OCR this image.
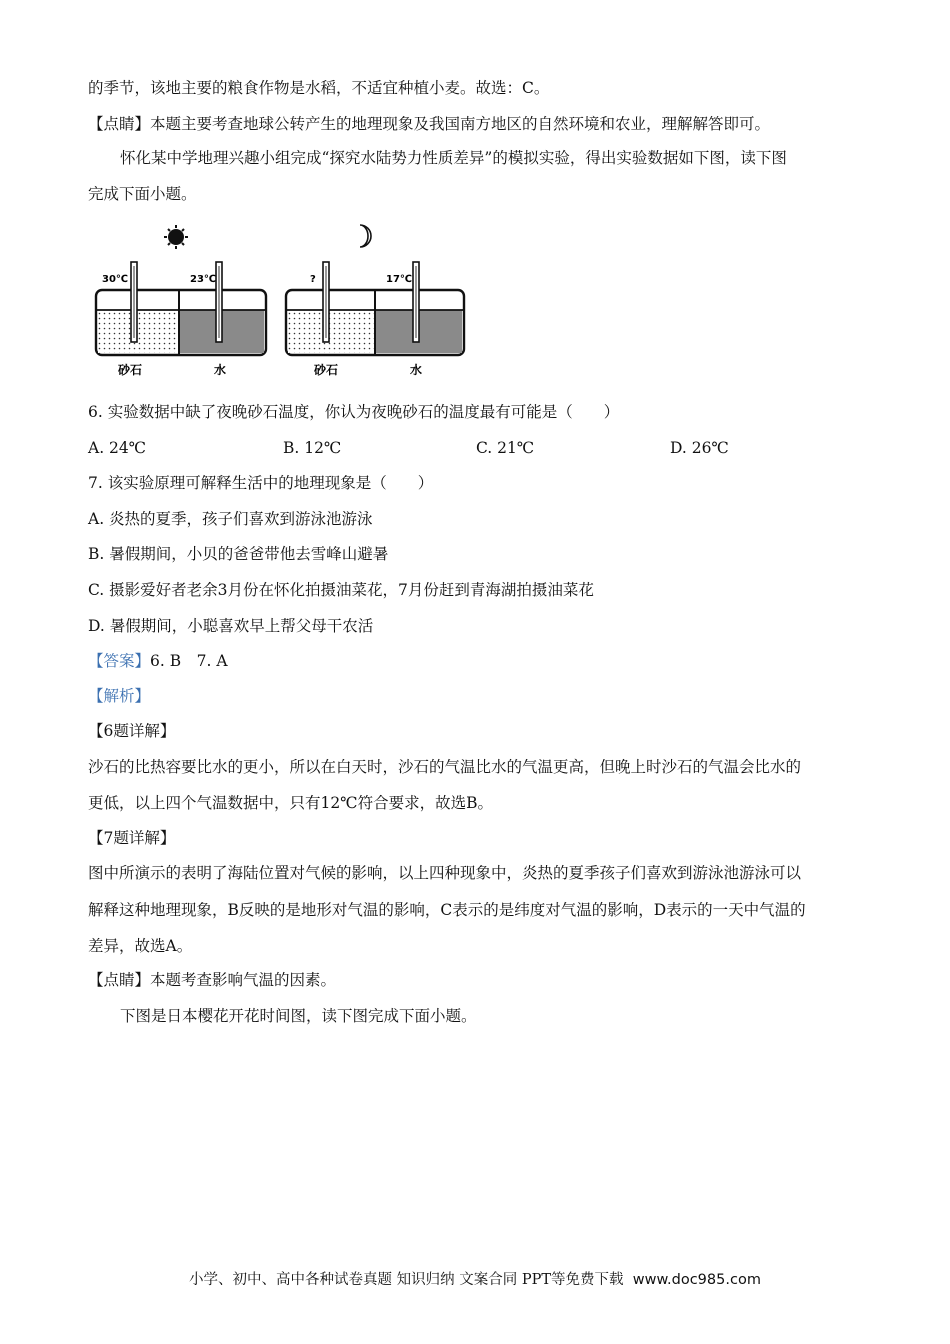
的季节，该地主要的粮食作物是水稻，不适宜种植小麦。故选：C。
【点睛】本题主要考查地球公转产生的地理现象及我国南方地区的自然环境和农业，理解解答即可。
怀化某中学地理兴趣小组完成“探究水陆势力性质差异”的模拟实验，得出实验数据如下图，读下图
完成下面小题。
30℃	23℃	?	17℃
砂石	水	砂石	水
6. 实验数据中缺了夜晚砂石温度，你认为夜晚砂石的温度最有可能是（　　）
A. 24℃	B. 12℃	C. 21℃	D. 26℃
7. 该实验原理可解释生活中的地理现象是（　　）
A. 炎热的夏季，孩子们喜欢到游泳池游泳
B. 暑假期间，小贝的爸爸带他去雪峰山避暑
C. 摄影爱好者老余3月份在怀化拍摄油菜花，7月份赶到青海湖拍摄油菜花
D. 暑假期间，小聪喜欢早上帮父母干农活
【答案】6. B　7. A
【解析】
【6题详解】
沙石的比热容要比水的更小，所以在白天时，沙石的气温比水的气温更高，但晚上时沙石的气温会比水的
更低，以上四个气温数据中，只有12℃符合要求，故选B。
【7题详解】
图中所演示的表明了海陆位置对气候的影响，以上四种现象中，炎热的夏季孩子们喜欢到游泳池游泳可以
解释这种地理现象，B反映的是地形对气温的影响，C表示的是纬度对气温的影响，D表示的一天中气温的
差异，故选A。
【点睛】本题考查影响气温的因素。
下图是日本樱花开花时间图，读下图完成下面小题。
小学、初中、高中各种试卷真题 知识归纳 文案合同 PPT等免费下载 www.doc985.com
